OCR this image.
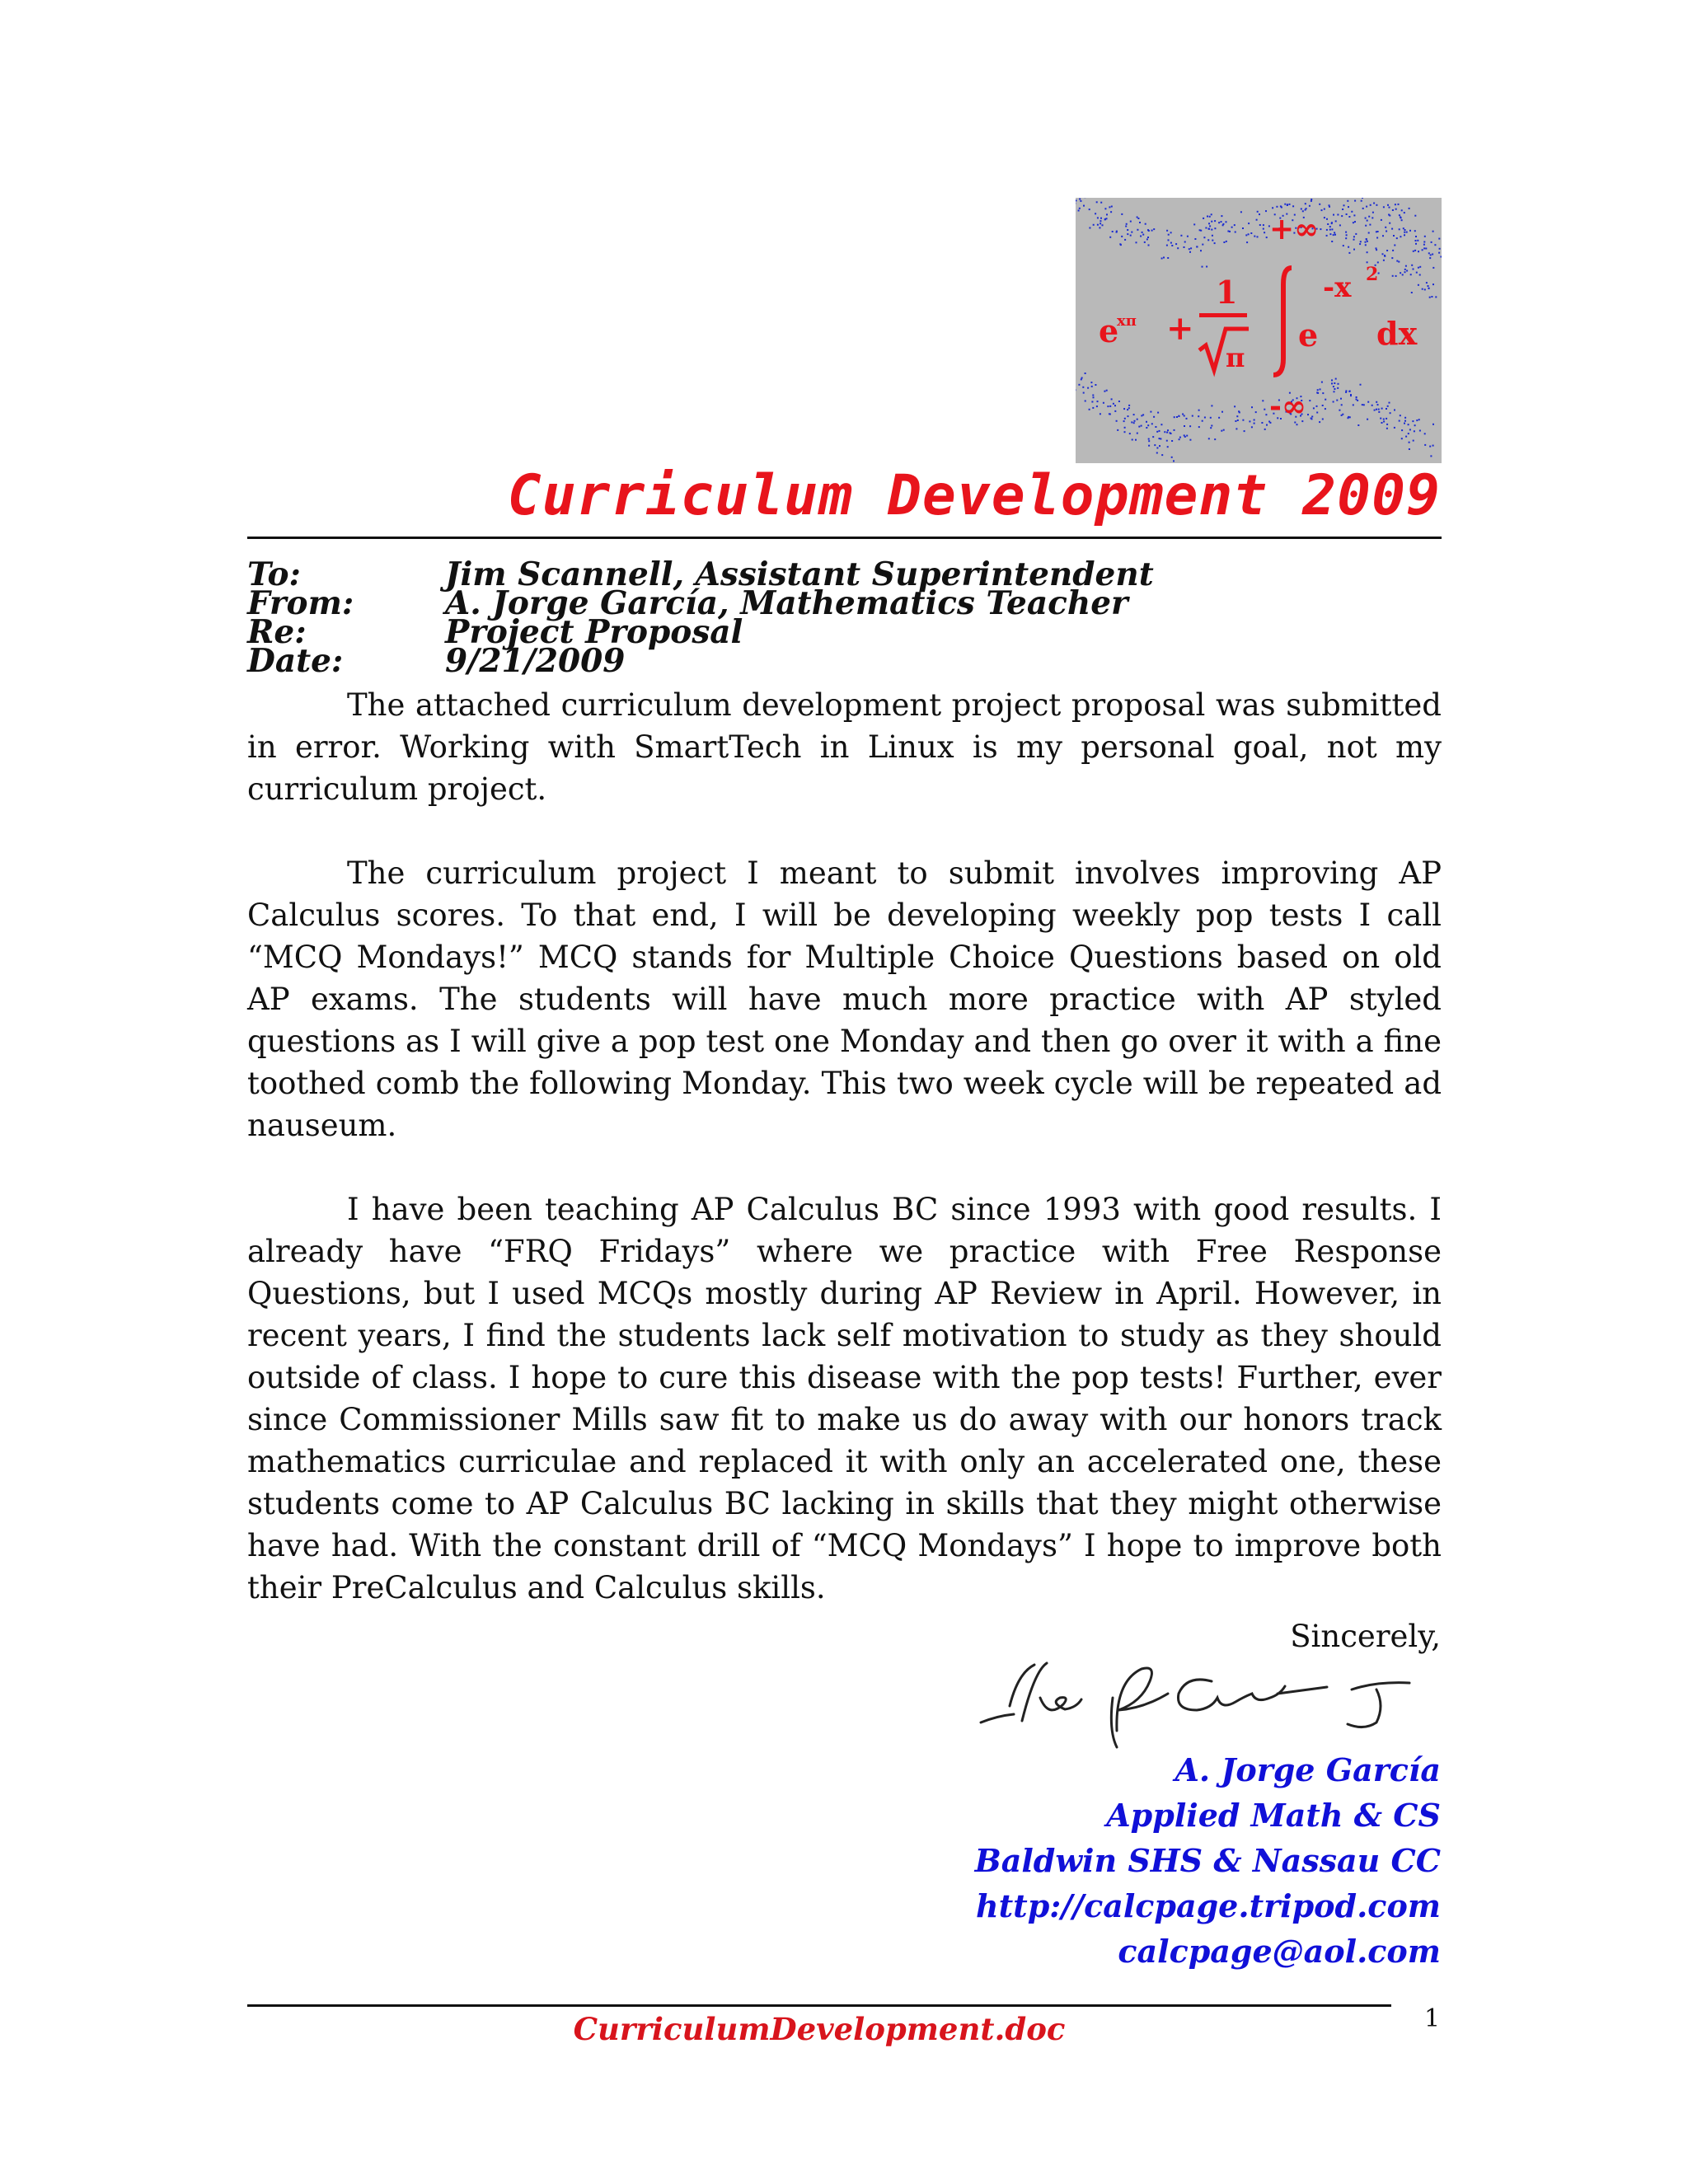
+∞
e
xπ +
1
π
e
-x 2
dx
-∞
Curriculum Development 2009
To:	Jim Scannell, Assistant Superintendent
From:	A. Jorge García, Mathematics Teacher
Re:	Project Proposal
Date:	9/21/2009

The attached curriculum development project proposal was submitted in error. Working with SmartTech in Linux is my personal goal, not my curriculum project.

The curriculum project I meant to submit involves improving AP Calculus scores. To that end, I will be developing weekly pop tests I call “MCQ Mondays!” MCQ stands for Multiple Choice Questions based on old AP exams. The students will have much more practice with AP styled questions as I will give a pop test one Monday and then go over it with a fine toothed comb the following Monday. This two week cycle will be repeated ad nauseum.

I have been teaching AP Calculus BC since 1993 with good results. I already have “FRQ Fridays” where we practice with Free Response Questions, but I used MCQs mostly during AP Review in April. However, in recent years, I find the students lack self motivation to study as they should outside of class. I hope to cure this disease with the pop tests! Further, ever since Commissioner Mills saw fit to make us do away with our honors track mathematics curriculae and replaced it with only an accelerated one, these students come to AP Calculus BC lacking in skills that they might otherwise have had. With the constant drill of “MCQ Mondays” I hope to improve both their PreCalculus and Calculus skills.

Sincerely,
A. Jorge García
Applied Math & CS
Baldwin SHS & Nassau CC
http://calcpage.tripod.com
calcpage@aol.com
CurriculumDevelopment.doc	1
